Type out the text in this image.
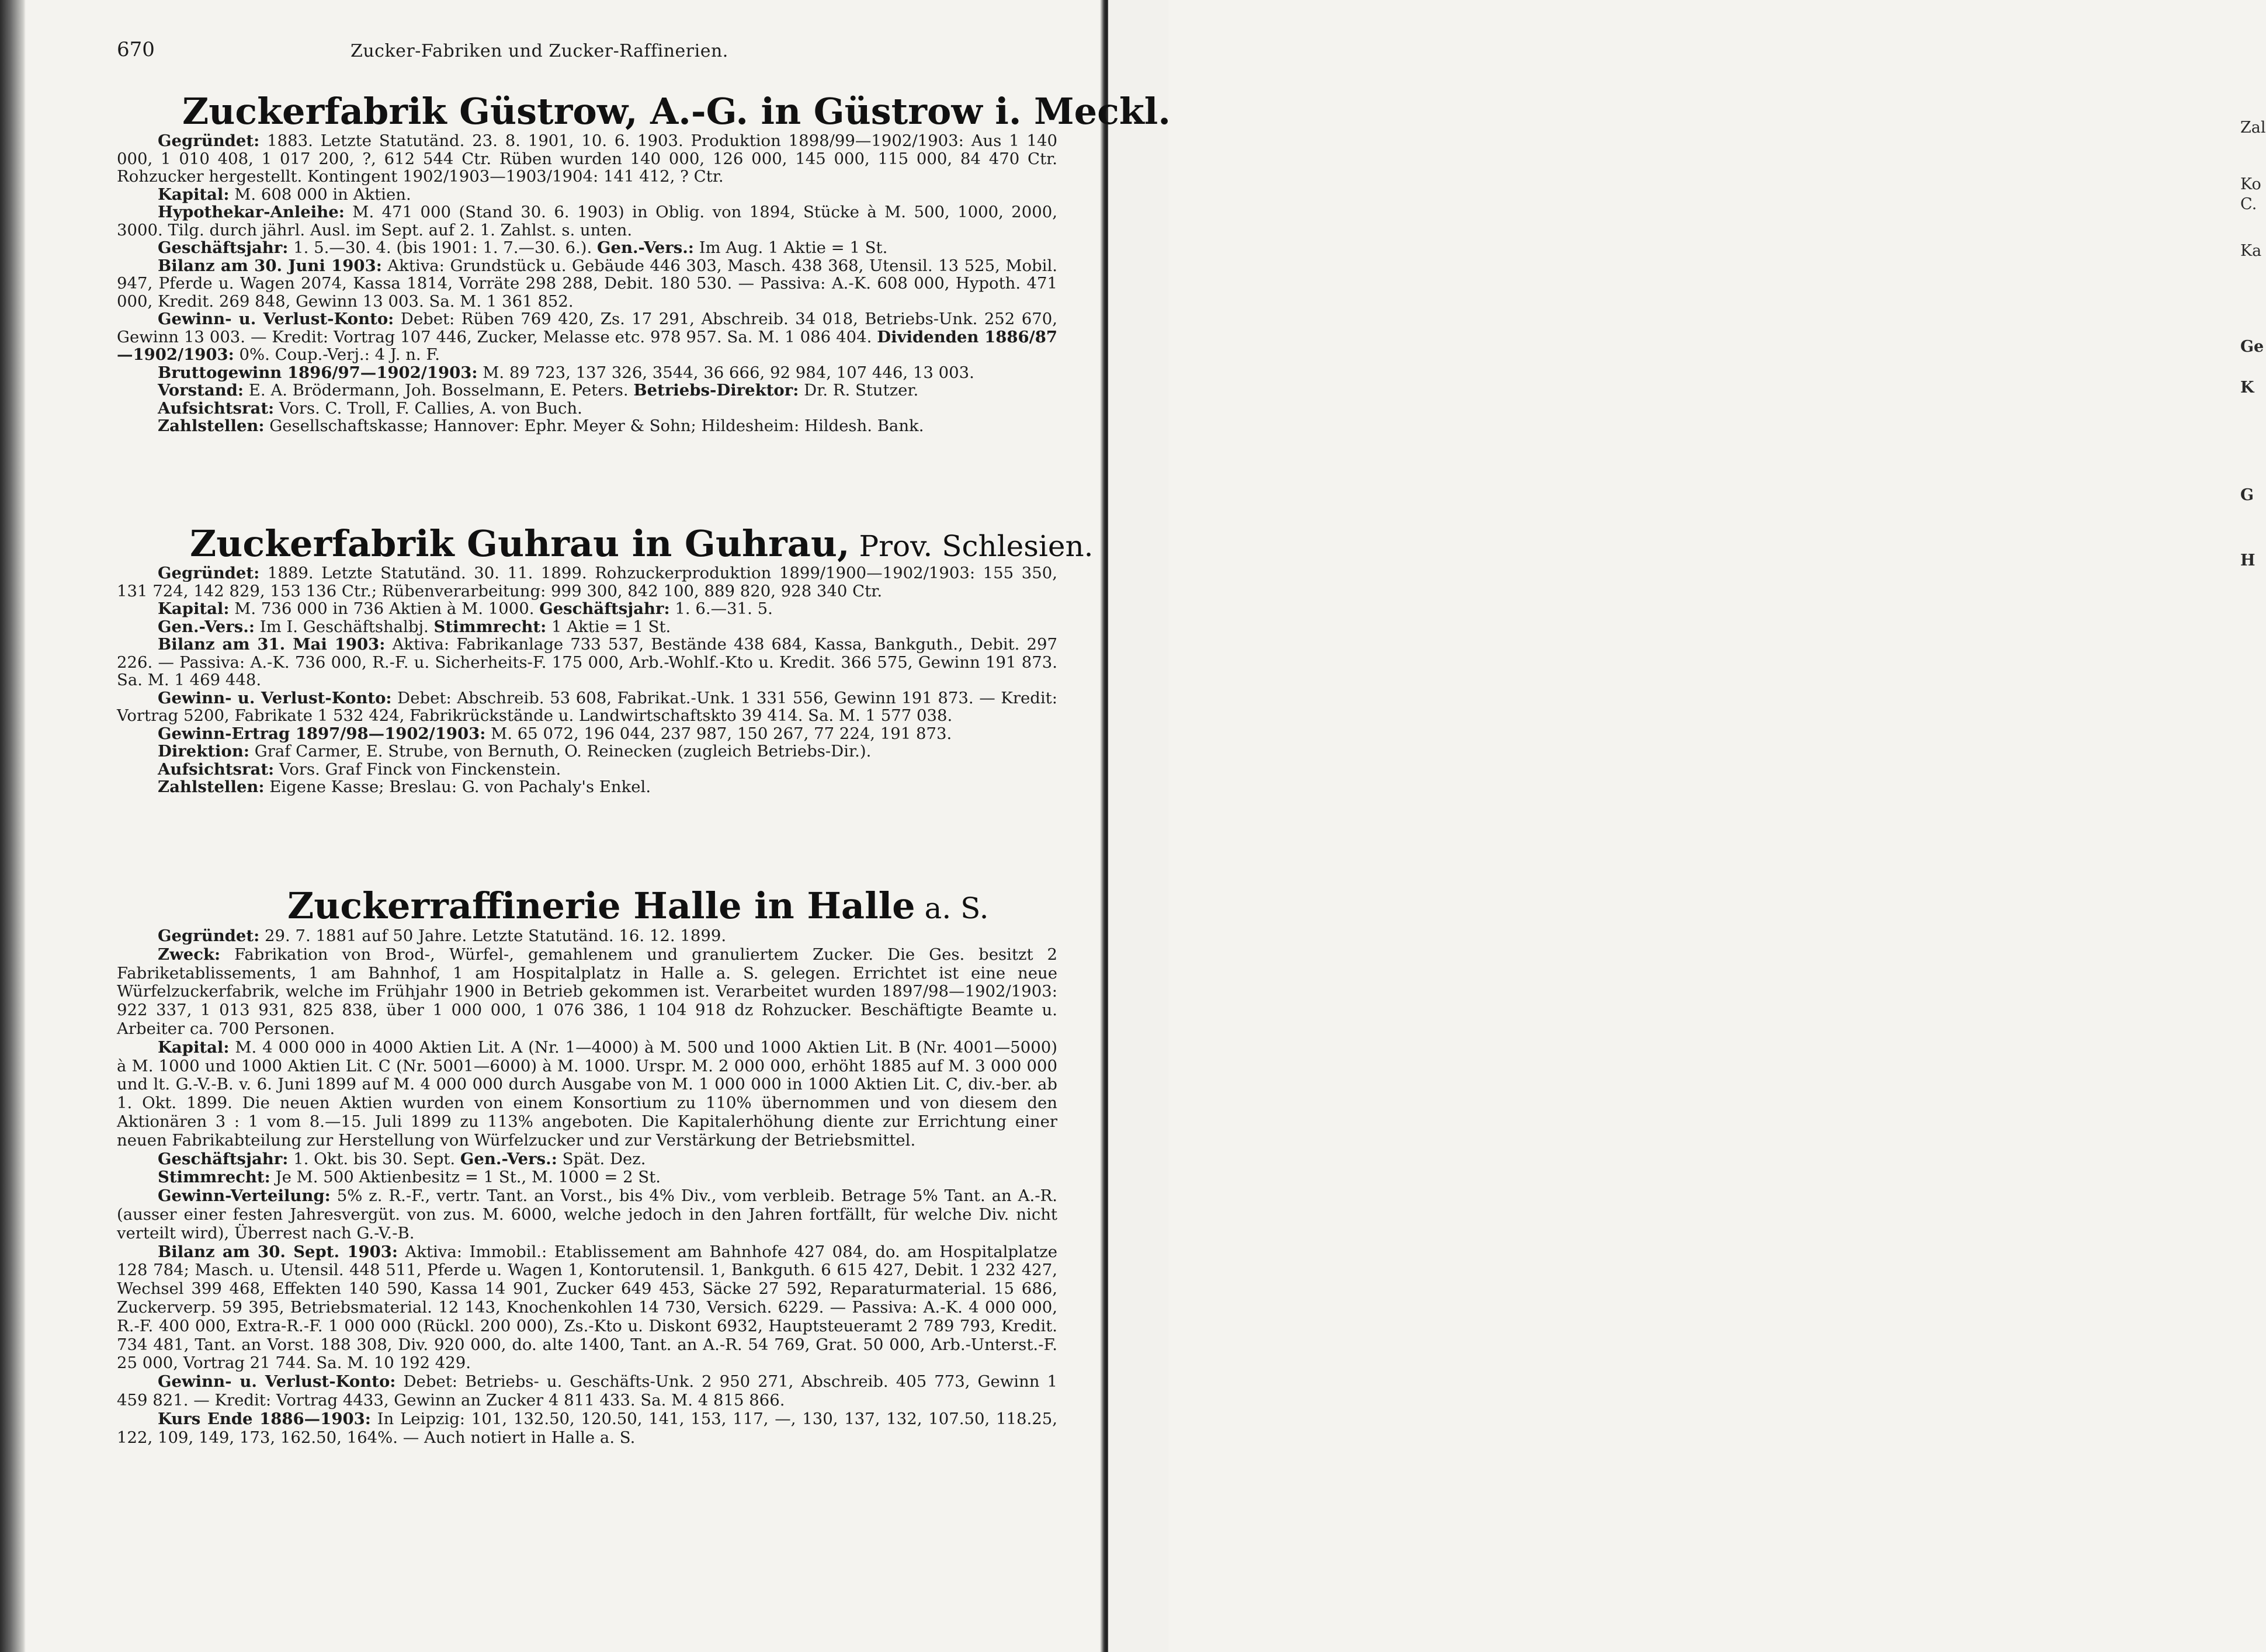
Zal
Ko
C.
Ka
Ge
K
G
H
670	Zucker-Fabriken und Zucker-Raffinerien.
Zuckerfabrik Güstrow, A.-G. in Güstrow i. Meckl.

Gegründet: 1883. Letzte Statutänd. 23. 8. 1901, 10. 6. 1903. Produktion 1898/99—1902/1903: Aus 1 140 000, 1 010 408, 1 017 200, ?, 612 544 Ctr. Rüben wurden 140 000, 126 000, 145 000, 115 000, 84 470 Ctr. Rohzucker hergestellt. Kontingent 1902/1903—1903/1904: 141 412, ? Ctr.

Kapital: M. 608 000 in Aktien.

Hypothekar-Anleihe: M. 471 000 (Stand 30. 6. 1903) in Oblig. von 1894, Stücke à M. 500, 1000, 2000, 3000. Tilg. durch jährl. Ausl. im Sept. auf 2. 1. Zahlst. s. unten.

Geschäftsjahr: 1. 5.—30. 4. (bis 1901: 1. 7.—30. 6.). Gen.-Vers.: Im Aug. 1 Aktie = 1 St.

Bilanz am 30. Juni 1903: Aktiva: Grundstück u. Gebäude 446 303, Masch. 438 368, Utensil. 13 525, Mobil. 947, Pferde u. Wagen 2074, Kassa 1814, Vorräte 298 288, Debit. 180 530. — Passiva: A.-K. 608 000, Hypoth. 471 000, Kredit. 269 848, Gewinn 13 003. Sa. M. 1 361 852.

Gewinn- u. Verlust-Konto: Debet: Rüben 769 420, Zs. 17 291, Abschreib. 34 018, Betriebs-Unk. 252 670, Gewinn 13 003. — Kredit: Vortrag 107 446, Zucker, Melasse etc. 978 957. Sa. M. 1 086 404. Dividenden 1886/87—1902/1903: 0%. Coup.-Verj.: 4 J. n. F.

Bruttogewinn 1896/97—1902/1903: M. 89 723, 137 326, 3544, 36 666, 92 984, 107 446, 13 003.

Vorstand: E. A. Brödermann, Joh. Bosselmann, E. Peters. Betriebs-Direktor: Dr. R. Stutzer.

Aufsichtsrat: Vors. C. Troll, F. Callies, A. von Buch.

Zahlstellen: Gesellschaftskasse; Hannover: Ephr. Meyer & Sohn; Hildesheim: Hildesh. Bank.

Zuckerfabrik Guhrau in Guhrau, Prov. Schlesien.

Gegründet: 1889. Letzte Statutänd. 30. 11. 1899. Rohzuckerproduktion 1899/1900—1902/1903: 155 350, 131 724, 142 829, 153 136 Ctr.; Rübenverarbeitung: 999 300, 842 100, 889 820, 928 340 Ctr.

Kapital: M. 736 000 in 736 Aktien à M. 1000. Geschäftsjahr: 1. 6.—31. 5.

Gen.-Vers.: Im I. Geschäftshalbj. Stimmrecht: 1 Aktie = 1 St.

Bilanz am 31. Mai 1903: Aktiva: Fabrikanlage 733 537, Bestände 438 684, Kassa, Bankguth., Debit. 297 226. — Passiva: A.-K. 736 000, R.-F. u. Sicherheits-F. 175 000, Arb.-Wohlf.-Kto u. Kredit. 366 575, Gewinn 191 873. Sa. M. 1 469 448.

Gewinn- u. Verlust-Konto: Debet: Abschreib. 53 608, Fabrikat.-Unk. 1 331 556, Gewinn 191 873. — Kredit: Vortrag 5200, Fabrikate 1 532 424, Fabrikrückstände u. Landwirtschaftskto 39 414. Sa. M. 1 577 038.

Gewinn-Ertrag 1897/98—1902/1903: M. 65 072, 196 044, 237 987, 150 267, 77 224, 191 873.

Direktion: Graf Carmer, E. Strube, von Bernuth, O. Reinecken (zugleich Betriebs-Dir.).

Aufsichtsrat: Vors. Graf Finck von Finckenstein.

Zahlstellen: Eigene Kasse; Breslau: G. von Pachaly's Enkel.

Zuckerraffinerie Halle in Halle a. S.

Gegründet: 29. 7. 1881 auf 50 Jahre. Letzte Statutänd. 16. 12. 1899.

Zweck: Fabrikation von Brod-, Würfel-, gemahlenem und granuliertem Zucker. Die Ges. besitzt 2 Fabriketablissements, 1 am Bahnhof, 1 am Hospitalplatz in Halle a. S. gelegen. Errichtet ist eine neue Würfelzuckerfabrik, welche im Frühjahr 1900 in Betrieb gekommen ist. Verarbeitet wurden 1897/98—1902/1903: 922 337, 1 013 931, 825 838, über 1 000 000, 1 076 386, 1 104 918 dz Rohzucker. Beschäftigte Beamte u. Arbeiter ca. 700 Personen.

Kapital: M. 4 000 000 in 4000 Aktien Lit. A (Nr. 1—4000) à M. 500 und 1000 Aktien Lit. B (Nr. 4001—5000) à M. 1000 und 1000 Aktien Lit. C (Nr. 5001—6000) à M. 1000. Urspr. M. 2 000 000, erhöht 1885 auf M. 3 000 000 und lt. G.-V.-B. v. 6. Juni 1899 auf M. 4 000 000 durch Ausgabe von M. 1 000 000 in 1000 Aktien Lit. C, div.-ber. ab 1. Okt. 1899. Die neuen Aktien wurden von einem Konsortium zu 110% übernommen und von diesem den Aktionären 3 : 1 vom 8.—15. Juli 1899 zu 113% angeboten. Die Kapitalerhöhung diente zur Errichtung einer neuen Fabrikabteilung zur Herstellung von Würfelzucker und zur Verstärkung der Betriebsmittel.

Geschäftsjahr: 1. Okt. bis 30. Sept. Gen.-Vers.: Spät. Dez.

Stimmrecht: Je M. 500 Aktienbesitz = 1 St., M. 1000 = 2 St.

Gewinn-Verteilung: 5% z. R.-F., vertr. Tant. an Vorst., bis 4% Div., vom verbleib. Betrage 5% Tant. an A.-R. (ausser einer festen Jahresvergüt. von zus. M. 6000, welche jedoch in den Jahren fortfällt, für welche Div. nicht verteilt wird), Überrest nach G.-V.-B.

Bilanz am 30. Sept. 1903: Aktiva: Immobil.: Etablissement am Bahnhofe 427 084, do. am Hospitalplatze 128 784; Masch. u. Utensil. 448 511, Pferde u. Wagen 1, Kontorutensil. 1, Bankguth. 6 615 427, Debit. 1 232 427, Wechsel 399 468, Effekten 140 590, Kassa 14 901, Zucker 649 453, Säcke 27 592, Reparaturmaterial. 15 686, Zuckerverp. 59 395, Betriebsmaterial. 12 143, Knochenkohlen 14 730, Versich. 6229. — Passiva: A.-K. 4 000 000, R.-F. 400 000, Extra-R.-F. 1 000 000 (Rückl. 200 000), Zs.-Kto u. Diskont 6932, Hauptsteueramt 2 789 793, Kredit. 734 481, Tant. an Vorst. 188 308, Div. 920 000, do. alte 1400, Tant. an A.-R. 54 769, Grat. 50 000, Arb.-Unterst.-F. 25 000, Vortrag 21 744. Sa. M. 10 192 429.

Gewinn- u. Verlust-Konto: Debet: Betriebs- u. Geschäfts-Unk. 2 950 271, Abschreib. 405 773, Gewinn 1 459 821. — Kredit: Vortrag 4433, Gewinn an Zucker 4 811 433. Sa. M. 4 815 866.

Kurs Ende 1886—1903: In Leipzig: 101, 132.50, 120.50, 141, 153, 117, —, 130, 137, 132, 107.50, 118.25, 122, 109, 149, 173, 162.50, 164%. — Auch notiert in Halle a. S.
